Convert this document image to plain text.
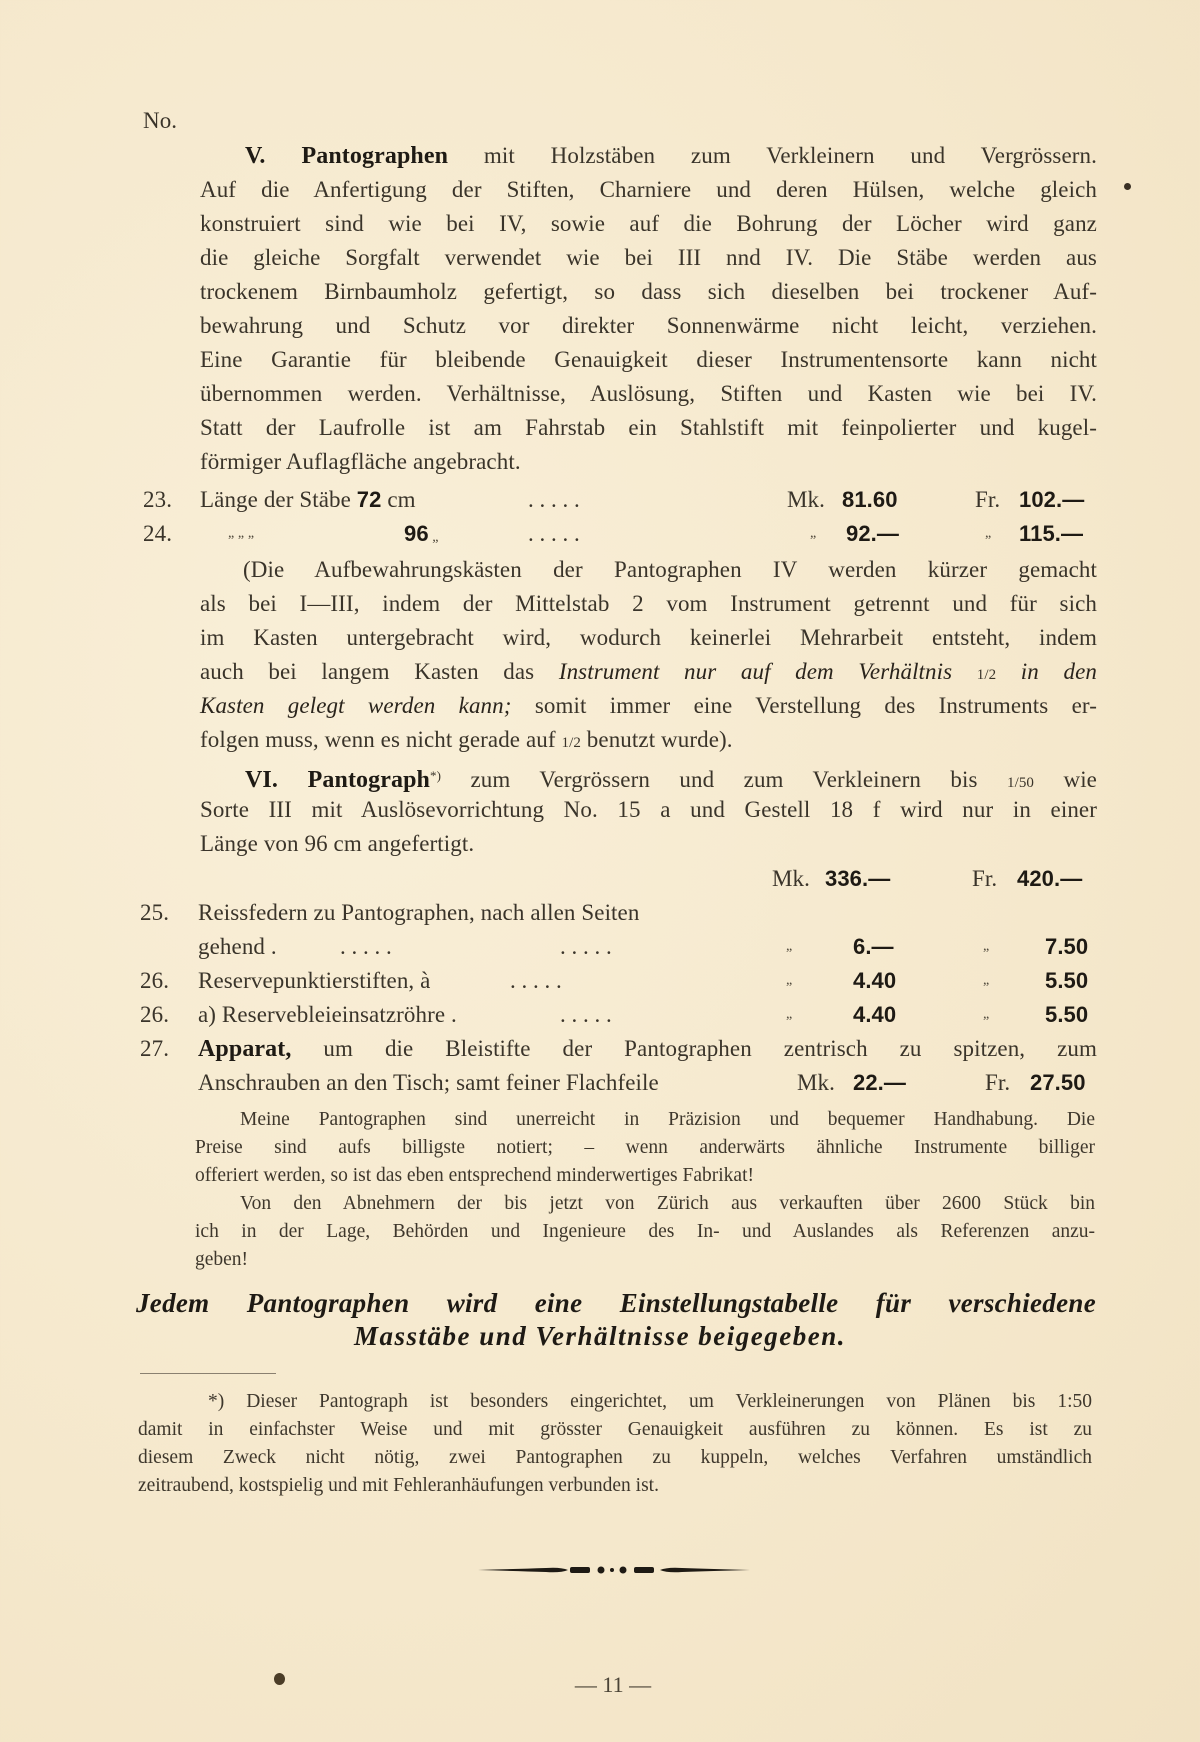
No.
V. Pantographen mit Holzstäben zum Verkleinern und Vergrössern.
Auf die Anfertigung der Stiften, Charniere und deren Hülsen, welche gleich
konstruiert sind wie bei IV, sowie auf die Bohrung der Löcher wird ganz
die gleiche Sorgfalt verwendet wie bei III nnd IV. Die Stäbe werden aus
trockenem Birnbaumholz gefertigt, so dass sich dieselben bei trockener Auf-
bewahrung und Schutz vor direkter Sonnenwärme nicht leicht, verziehen.
Eine Garantie für bleibende Genauigkeit dieser Instrumentensorte kann nicht
übernommen werden. Verhältnisse, Auslösung, Stiften und Kasten wie bei IV.
Statt der Laufrolle ist am Fahrstab ein Stahlstift mit feinpolierter und kugel-
förmiger Auflagfläche angebracht.
23. Länge der Stäbe 72 cm	. . . . .	Mk. 81.60	Fr. 102.—
24.	„ „ „	96 „	. . . . .	„ 92.—	„ 115.—
(Die Aufbewahrungskästen der Pantographen IV werden kürzer gemacht
als bei I—III, indem der Mittelstab 2 vom Instrument getrennt und für sich
im Kasten untergebracht wird, wodurch keinerlei Mehrarbeit entsteht, indem
auch bei langem Kasten das Instrument nur auf dem Verhältnis 1/2 in den
Kasten gelegt werden kann; somit immer eine Verstellung des Instruments er-
folgen muss, wenn es nicht gerade auf 1/2 benutzt wurde).
VI. Pantograph*) zum Vergrössern und zum Verkleinern bis 1/50 wie
Sorte III mit Auslösevorrichtung No. 15 a und Gestell 18 f wird nur in einer
Länge von 96 cm angefertigt.
Mk. 336.—	Fr. 420.—
25. Reissfedern zu Pantographen, nach allen Seiten
gehend .	. . . . .	. . . . .	„	6.—	„	7.50
26. Reservepunktierstiften, à	. . . . .	„	4.40	„	5.50
26. a) Reservebleieinsatzröhre .	. . . . .	„	4.40	„	5.50
27. Apparat, um die Bleistifte der Pantographen zentrisch zu spitzen, zum
Anschrauben an den Tisch; samt feiner Flachfeile	Mk. 22.—	Fr. 27.50
Meine Pantographen sind unerreicht in Präzision und bequemer Handhabung. Die
Preise sind aufs billigste notiert; – wenn anderwärts ähnliche Instrumente billiger
offeriert werden, so ist das eben entsprechend minderwertiges Fabrikat!
Von den Abnehmern der bis jetzt von Zürich aus verkauften über 2600 Stück bin
ich in der Lage, Behörden und Ingenieure des In- und Auslandes als Referenzen anzu-
geben!
Jedem Pantographen wird eine Einstellungstabelle für verschiedene
Masstäbe und Verhältnisse beigegeben.
*) Dieser Pantograph ist besonders eingerichtet, um Verkleinerungen von Plänen bis 1:50
damit in einfachster Weise und mit grösster Genauigkeit ausführen zu können. Es ist zu
diesem Zweck nicht nötig, zwei Pantographen zu kuppeln, welches Verfahren umständlich
zeitraubend, kostspielig und mit Fehleranhäufungen verbunden ist.
— 11 —
